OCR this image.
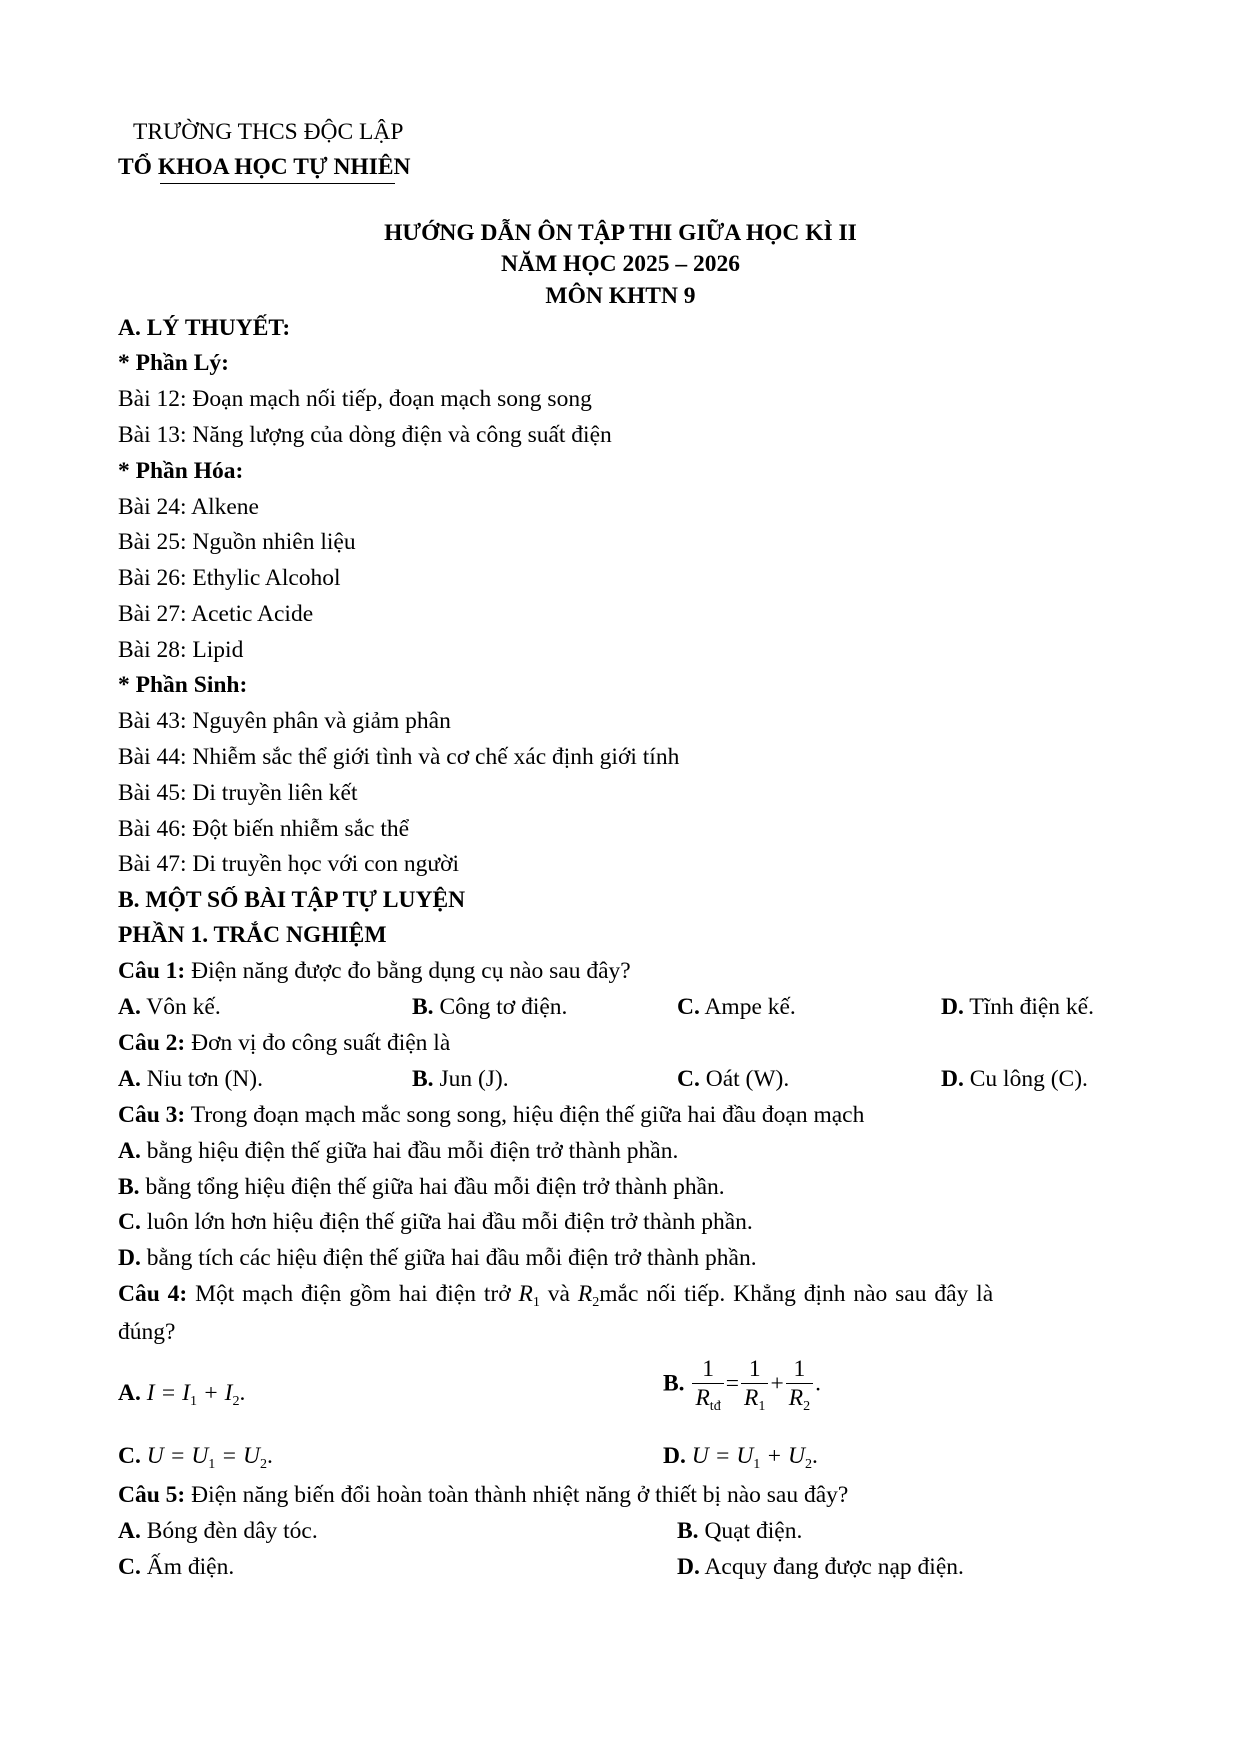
TRƯỜNG THCS ĐỘC LẬP
TỔ KHOA HỌC TỰ NHIÊN
HƯỚNG DẪN ÔN TẬP THI GIỮA HỌC KÌ II
NĂM HỌC 2025 – 2026
MÔN KHTN 9
A. LÝ THUYẾT:
* Phần Lý:
Bài 12: Đoạn mạch nối tiếp, đoạn mạch song song
Bài 13: Năng lượng của dòng điện và công suất điện
* Phần Hóa:
Bài 24: Alkene
Bài 25: Nguồn nhiên liệu
Bài 26: Ethylic Alcohol
Bài 27: Acetic Acide
Bài 28: Lipid
* Phần Sinh:
Bài 43: Nguyên phân và giảm phân
Bài 44: Nhiễm sắc thể giới tình và cơ chế xác định giới tính
Bài 45: Di truyền liên kết
Bài 46: Đột biến nhiễm sắc thể
Bài 47: Di truyền học với con người
B. MỘT SỐ BÀI TẬP TỰ LUYỆN
PHẦN 1. TRẮC NGHIỆM
Câu 1: Điện năng được đo bằng dụng cụ nào sau đây?
A. Vôn kế.	B. Công tơ điện.	C. Ampe kế.	D. Tĩnh điện kế.
Câu 2: Đơn vị đo công suất điện là
A. Niu tơn (N).	B. Jun (J).	C. Oát (W).	D. Cu lông (C).
Câu 3: Trong đoạn mạch mắc song song, hiệu điện thế giữa hai đầu đoạn mạch
A. bằng hiệu điện thế giữa hai đầu mỗi điện trở thành phần.
B. bằng tổng hiệu điện thế giữa hai đầu mỗi điện trở thành phần.
C. luôn lớn hơn hiệu điện thế giữa hai đầu mỗi điện trở thành phần.
D. bằng tích các hiệu điện thế giữa hai đầu mỗi điện trở thành phần.
Câu 4: Một mạch điện gồm hai điện trở $R_1$ và $R_2mắc$ nối tiếp. Khẳng định nào sau đây là
đúng?
A. $I = I_1 + I_2$.	B. $\frac{1}{R_{tđ}} = \frac{1}{R_1} + \frac{1}{R_2}$ .
C. $U = U_1 = U_2$.	D. $U = U_1 + U_2$.
Câu 5: Điện năng biến đổi hoàn toàn thành nhiệt năng ở thiết bị nào sau đây?
A. Bóng đèn dây tóc.	B. Quạt điện.
C. Ấm điện.	D. Acquy đang được nạp điện.
